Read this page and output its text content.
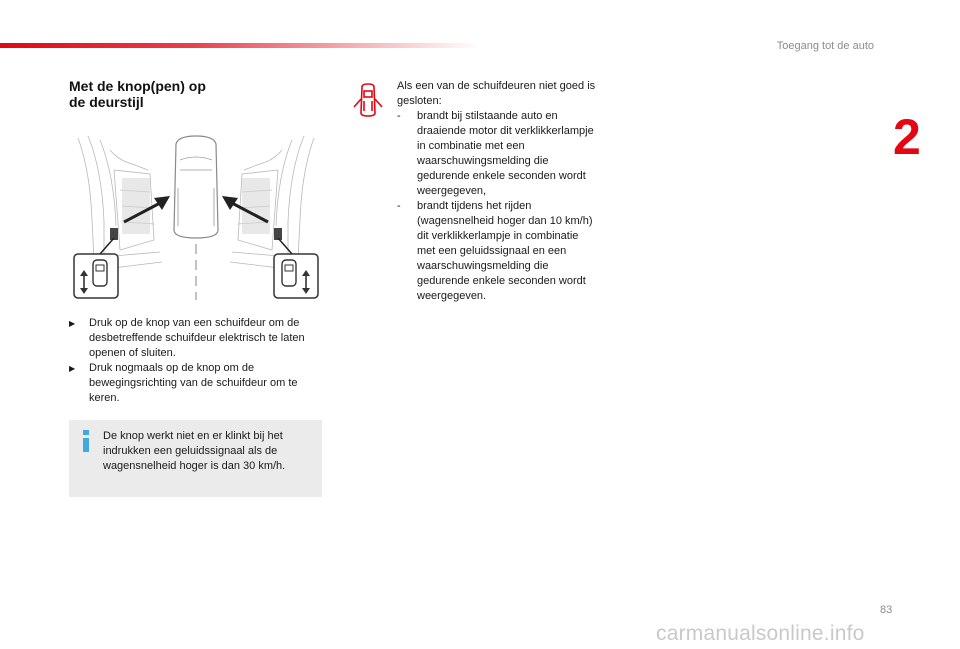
Toegang tot de auto
2
Met de knop(pen) op
de deurstijl
▶	Druk op de knop van een schuifdeur om de desbetreffende schuifdeur elektrisch te laten openen of sluiten.
▶	Druk nogmaals op de knop om de bewegingsrichting van de schuifdeur om te keren.
De knop werkt niet en er klinkt bij het indrukken een geluidssignaal als de wagensnelheid hoger is dan 30 km/h.
Als een van de schuifdeuren niet goed is gesloten:
-	brandt bij stilstaande auto en draaiende motor dit verklikkerlampje in combinatie met een waarschuwingsmelding die gedurende enkele seconden wordt weergegeven,
-	brandt tijdens het rijden (wagensnelheid hoger dan 10 km/h) dit verklikkerlampje in combinatie met een geluidssignaal en een waarschuwingsmelding die gedurende enkele seconden wordt weergegeven.
83
carmanualsonline.info
